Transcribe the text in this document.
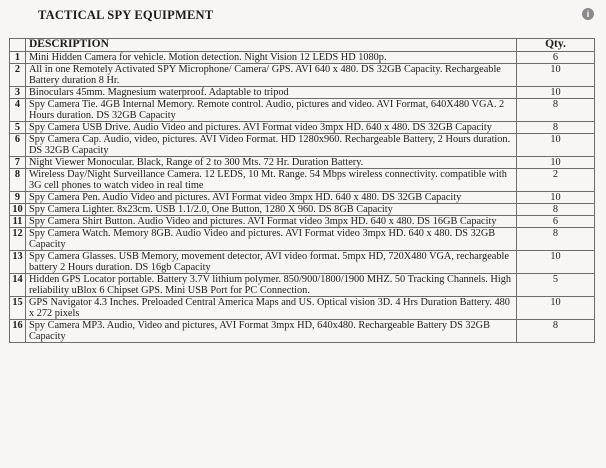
TACTICAL SPY EQUIPMENT	i
	DESCRIPTION	Qty.
1	Mini Hidden Camera for vehicle. Motion detection. Night Vision 12 LEDS HD 1080p.	6
2	All in one Remotely Activated SPY Microphone/ Camera/ GPS. AVI 640 x 480. DS 32GB Capacity. Rechargeable Battery duration 8 Hr.	10
3	Binoculars 45mm. Magnesium waterproof. Adaptable to tripod	10
4	Spy Camera Tie. 4GB Internal Memory. Remote control. Audio, pictures and video. AVI Format, 640X480 VGA. 2 Hours duration. DS 32GB Capacity	8
5	Spy Camera USB Drive. Audio Video and pictures. AVI Format video 3mpx HD. 640 x 480. DS 32GB Capacity	8
6	Spy Camera Cap. Audio, video, pictures. AVI Video Format. HD 1280x960. Rechargeable Battery, 2 Hours duration. DS 32GB Capacity	10
7	Night Viewer Monocular. Black, Range of 2 to 300 Mts. 72 Hr. Duration Battery.	10
8	Wireless Day/Night Surveillance Camera. 12 LEDS, 10 Mt. Range. 54 Mbps wireless connectivity. compatible with 3G cell phones to watch video in real time	2
9	Spy Camera Pen. Audio Video and pictures. AVI Format video 3mpx HD. 640 x 480. DS 32GB Capacity	10
10	Spy Camera Lighter. 8x23cm. USB 1.1/2.0, One Button, 1280 X 960. DS 8GB Capacity	8
11	Spy Camera Shirt Button. Audio Video and pictures. AVI Format video 3mpx HD. 640 x 480. DS 16GB Capacity	6
12	Spy Camera Watch. Memory 8GB. Audio Video and pictures. AVI Format video 3mpx HD. 640 x 480. DS 32GB Capacity	8
13	Spy Camera Glasses. USB Memory, movement detector, AVI video format. 5mpx HD, 720X480 VGA, rechargeable battery 2 Hours duration. DS 16gb Capacity	10
14	Hidden GPS Locator portable. Battery 3.7V lithium polymer. 850/900/1800/1900 MHZ. 50 Tracking Channels. High reliability uBlox 6 Chipset GPS. Mini USB Port for PC Connection.	5
15	GPS Navigator 4.3 Inches. Preloaded Central America Maps and US. Optical vision 3D. 4 Hrs Duration Battery. 480 x 272 pixels	10
16	Spy Camera MP3. Audio, Video and pictures, AVI Format 3mpx HD, 640x480. Rechargeable Battery DS 32GB Capacity	8
